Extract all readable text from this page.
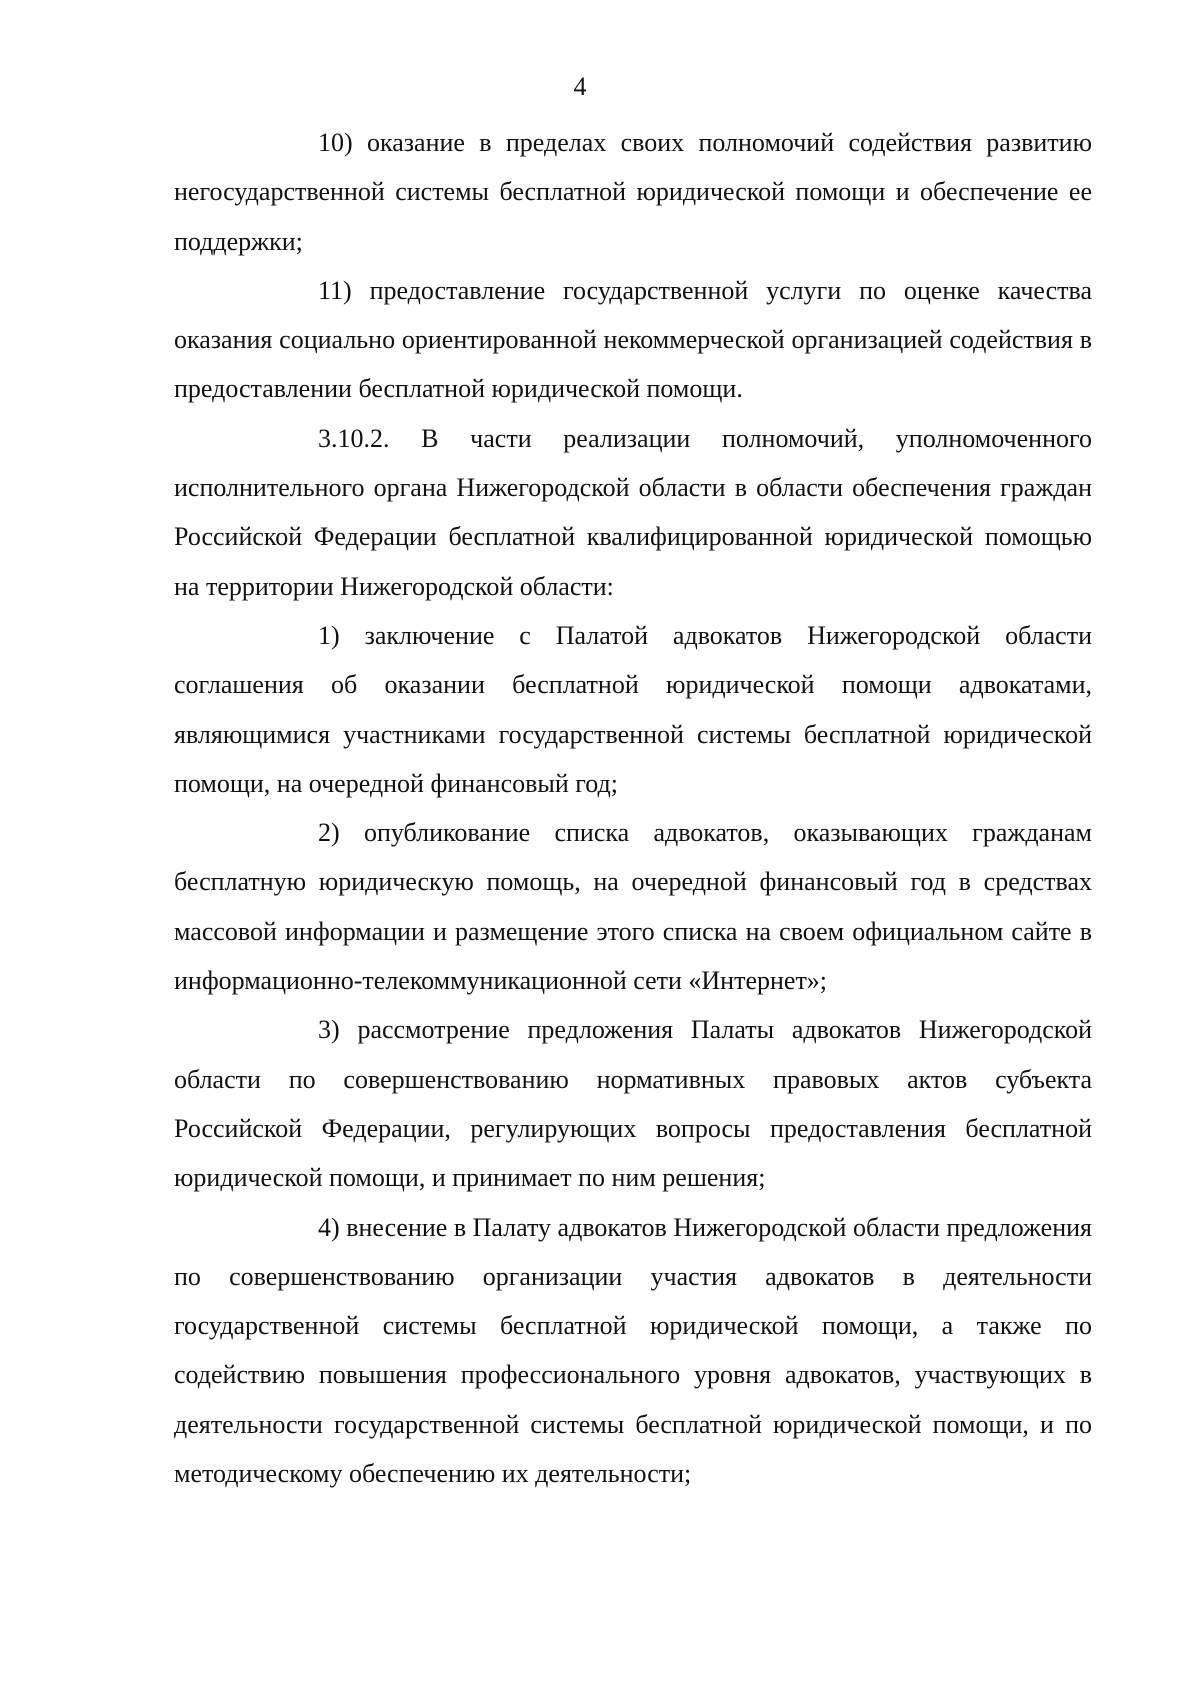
4

10) оказание в пределах своих полномочий содействия развитию негосударственной системы бесплатной юридической помощи и обеспечение ее поддержки;

11) предоставление государственной услуги по оценке качества оказания социально ориентированной некоммерческой организацией содействия в предоставлении бесплатной юридической помощи.

3.10.2. В части реализации полномочий, уполномоченного исполнительного органа Нижегородской области в области обеспечения граждан Российской Федерации бесплатной квалифицированной юридической помощью на территории Нижегородской области:

1) заключение с Палатой адвокатов Нижегородской области соглашения об оказании бесплатной юридической помощи адвокатами, являющимися участниками государственной системы бесплатной юридической помощи, на очередной финансовый год;

2) опубликование списка адвокатов, оказывающих гражданам бесплатную юридическую помощь, на очередной финансовый год в средствах массовой информации и размещение этого списка на своем официальном сайте в информационно-телекоммуникационной сети «Интернет»;

3) рассмотрение предложения Палаты адвокатов Нижегородской области по совершенствованию нормативных правовых актов субъекта Российской Федерации, регулирующих вопросы предоставления бесплатной юридической помощи, и принимает по ним решения;

4) внесение в Палату адвокатов Нижегородской области предложения по совершенствованию организации участия адвокатов в деятельности государственной системы бесплатной юридической помощи, а также по содействию повышения профессионального уровня адвокатов, участвующих в деятельности государственной системы бесплатной юридической помощи, и по методическому обеспечению их деятельности;
